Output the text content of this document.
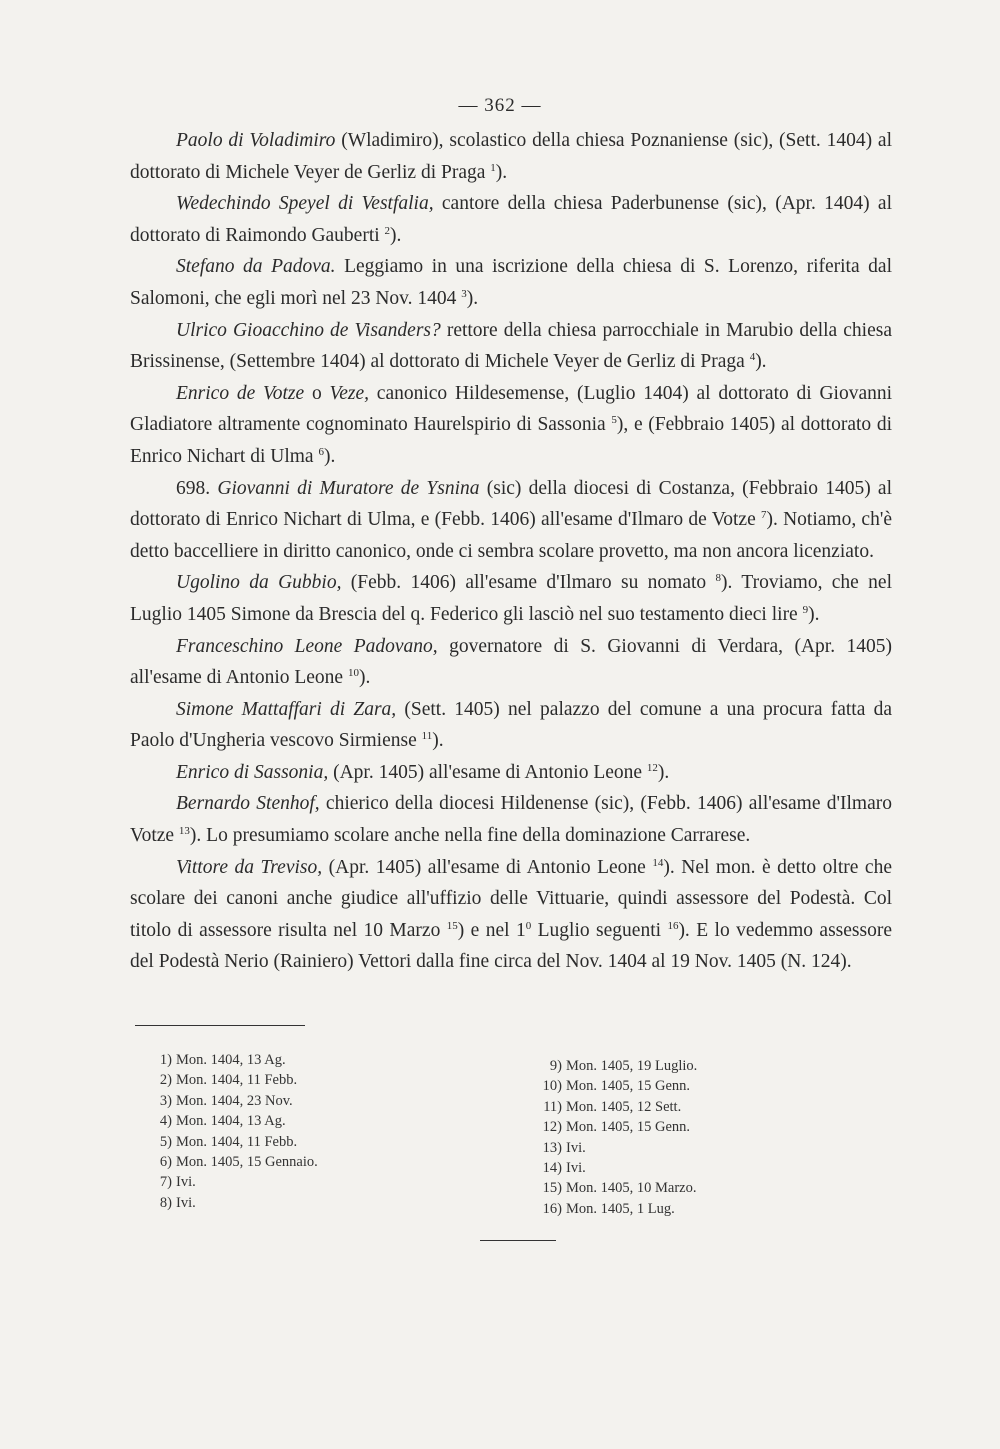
— 362 —

Paolo di Voladimiro (Wladimiro), scolastico della chiesa Poznaniense (sic), (Sett. 1404) al dottorato di Michele Veyer de Gerliz di Praga $^1$).

Wedechindo Speyel di Vestfalia, cantore della chiesa Paderbunense (sic), (Apr. 1404) al dottorato di Raimondo Gauberti $^2$).

Stefano da Padova. Leggiamo in una iscrizione della chiesa di S. Lorenzo, riferita dal Salomoni, che egli morì nel 23 Nov. 1404 $^3$).

Ulrico Gioacchino de Visanders? rettore della chiesa parrocchiale in Marubio della chiesa Brissinense, (Settembre 1404) al dottorato di Michele Veyer de Gerliz di Praga $^4$).

Enrico de Votze o Veze, canonico Hildesemense, (Luglio 1404) al dottorato di Giovanni Gladiatore altramente cognominato Haurelspirio di Sassonia $^5$), e (Febbraio 1405) al dottorato di Enrico Nichart di Ulma $^6$).

698. Giovanni di Muratore de Ysnina (sic) della diocesi di Costanza, (Febbraio 1405) al dottorato di Enrico Nichart di Ulma, e (Febb. 1406) all'esame d'Ilmaro de Votze $^7$). Notiamo, ch'è detto baccelliere in diritto canonico, onde ci sembra scolare provetto, ma non ancora licenziato.

Ugolino da Gubbio, (Febb. 1406) all'esame d'Ilmaro su nomato $^8$). Troviamo, che nel Luglio 1405 Simone da Brescia del q. Federico gli lasciò nel suo testamento dieci lire $^9$).

Franceschino Leone Padovano, governatore di S. Giovanni di Verdara, (Apr. 1405) all'esame di Antonio Leone $^{10}$).

Simone Mattaffari di Zara, (Sett. 1405) nel palazzo del comune a una procura fatta da Paolo d'Ungheria vescovo Sirmiense $^{11}$).

Enrico di Sassonia, (Apr. 1405) all'esame di Antonio Leone $^{12}$).

Bernardo Stenhof, chierico della diocesi Hildenense (sic), (Febb. 1406) all'esame d'Ilmaro Votze $^{13}$). Lo presumiamo scolare anche nella fine della dominazione Carrarese.

Vittore da Treviso, (Apr. 1405) all'esame di Antonio Leone $^{14}$). Nel mon. è detto oltre che scolare dei canoni anche giudice all'uffizio delle Vittuarie, quindi assessore del Podestà. Col titolo di assessore risulta nel 10 Marzo $^{15}$) e nel $1^0$ Luglio seguenti $^{16}$). E lo vedemmo assessore del Podestà Nerio (Rainiero) Vettori dalla fine circa del Nov. 1404 al 19 Nov. 1405 (N. 124).

1) Mon. 1404, 13 Ag.
2) Mon. 1404, 11 Febb.
3) Mon. 1404, 23 Nov.
4) Mon. 1404, 13 Ag.
5) Mon. 1404, 11 Febb.
6) Mon. 1405, 15 Gennaio.
7) Ivi.
8) Ivi.
9) Mon. 1405, 19 Luglio.
10) Mon. 1405, 15 Genn.
11) Mon. 1405, 12 Sett.
12) Mon. 1405, 15 Genn.
13) Ivi.
14) Ivi.
15) Mon. 1405, 10 Marzo.
16) Mon. 1405, 1 Lug.
